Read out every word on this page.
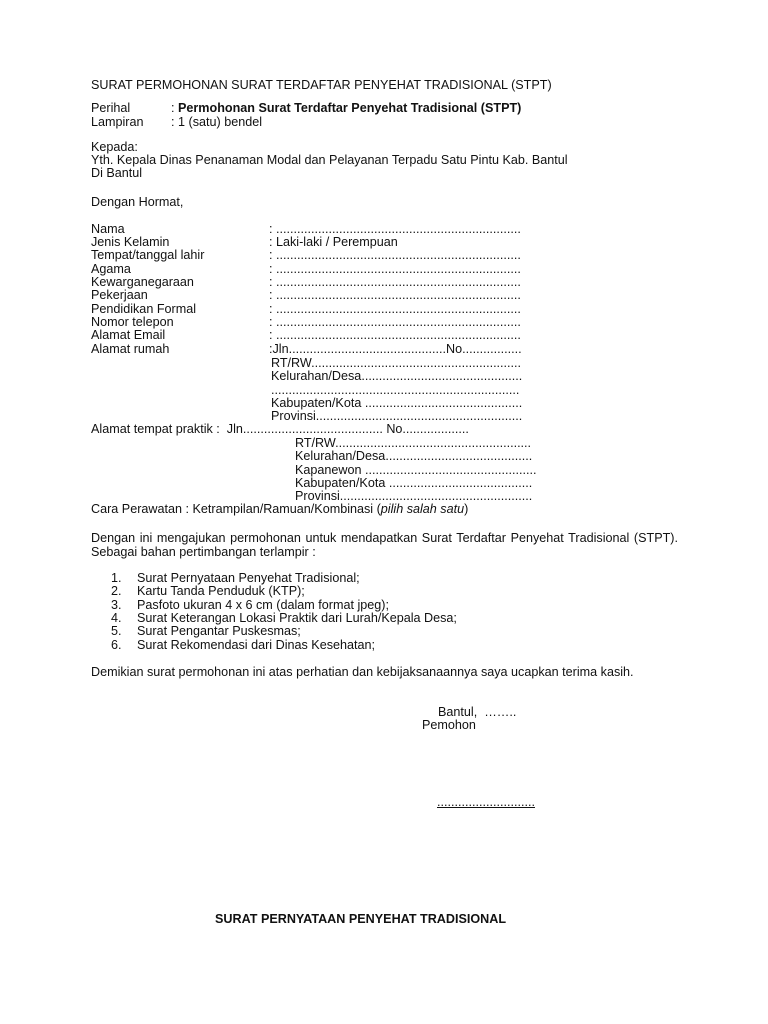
SURAT PERMOHONAN SURAT TERDAFTAR PENYEHAT TRADISIONAL (STPT)
Perihal	: Permohonan Surat Terdaftar Penyehat Tradisional (STPT)
Lampiran : 1 (satu) bendel
Kepada:
Yth. Kepala Dinas Penanaman Modal dan Pelayanan Terpadu Satu Pintu Kab. Bantul
Di Bantul
Dengan Hormat,
Nama	: ......................................................................
Jenis Kelamin	: Laki-laki / Perempuan
Tempat/tanggal lahir	: ......................................................................
Agama	: ......................................................................
Kewarganegaraan	: ......................................................................
Pekerjaan	: ......................................................................
Pendidikan Formal	: ......................................................................
Nomor telepon	: ......................................................................
Alamat Email	: ......................................................................
Alamat rumah	:Jln.............................................No.................
RT/RW............................................................
Kelurahan/Desa..............................................
.......................................................................
Kabupaten/Kota .............................................
Provinsi...........................................................
Alamat tempat praktik :  Jln........................................ No...................
RT/RW........................................................
Kelurahan/Desa..........................................
Kapanewon .................................................
Kabupaten/Kota .........................................
Provinsi.......................................................
Cara Perawatan : Ketrampilan/Ramuan/Kombinasi (pilih salah satu)
Dengan ini mengajukan permohonan untuk mendapatkan Surat Terdaftar Penyehat Tradisional (STPT). Sebagai bahan pertimbangan terlampir :
1. Surat Pernyataan Penyehat Tradisional;
2. Kartu Tanda Penduduk (KTP);
3. Pasfoto ukuran 4 x 6 cm (dalam format jpeg);
4. Surat Keterangan Lokasi Praktik dari Lurah/Kepala Desa;
5. Surat Pengantar Puskesmas;
6. Surat Rekomendasi dari Dinas Kesehatan;
Demikian surat permohonan ini atas perhatian dan kebijaksanaannya saya ucapkan terima kasih.
Bantul,  ……..
Pemohon
............................
SURAT PERNYATAAN PENYEHAT TRADISIONAL
